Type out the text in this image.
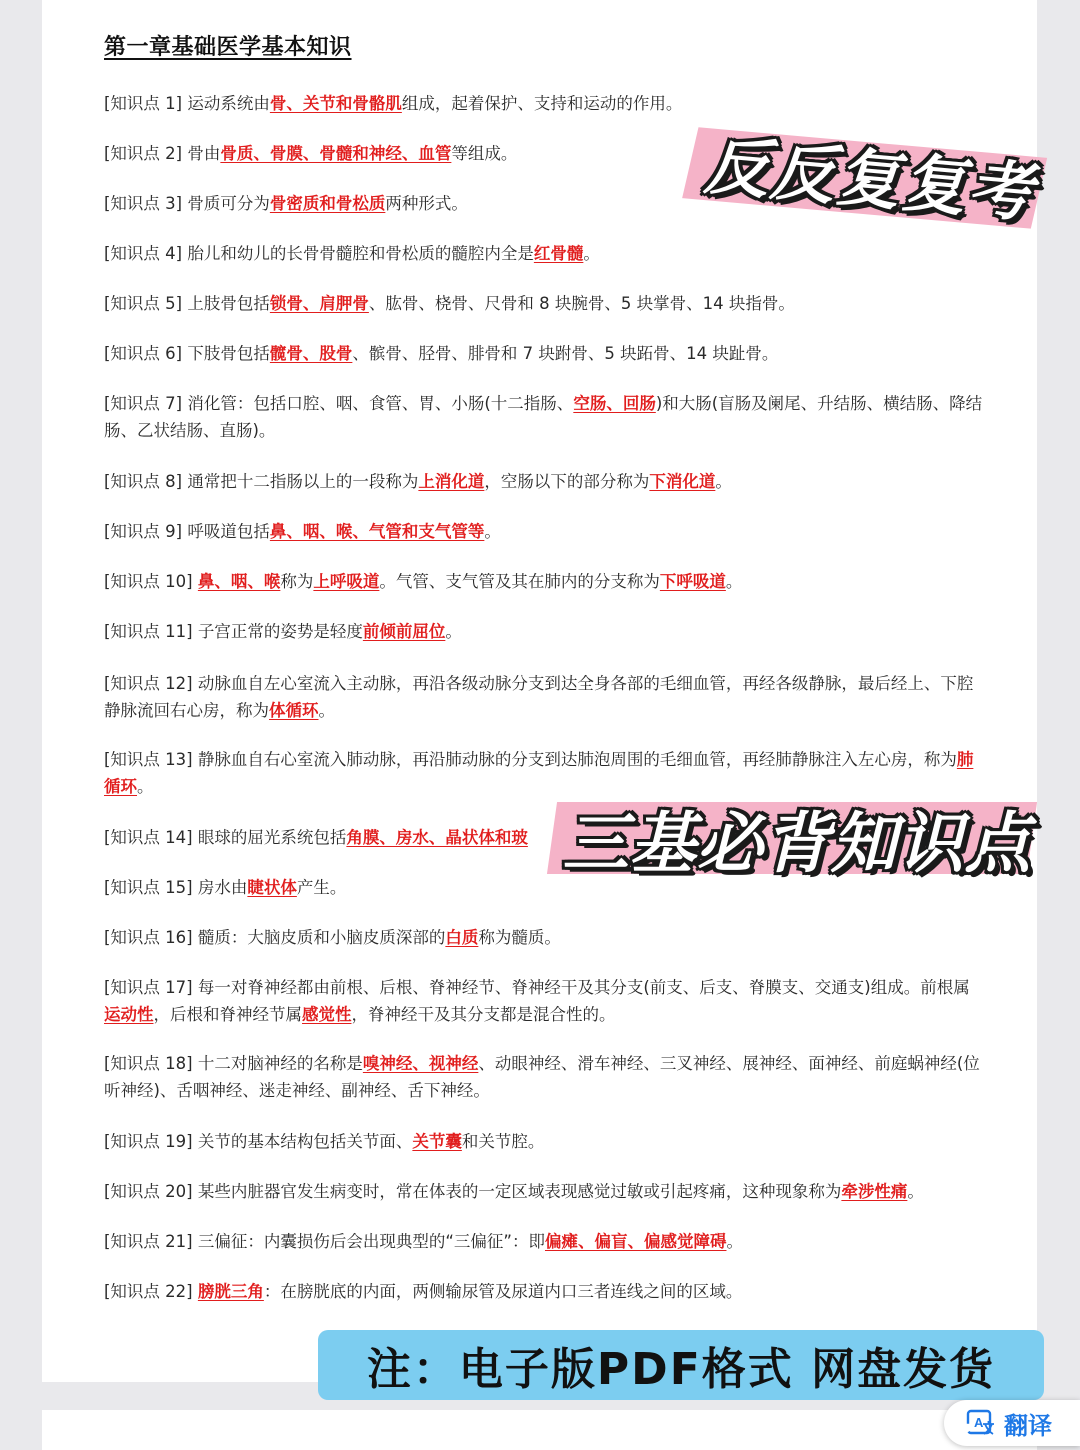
第一章基础医学基本知识
[知识点 1] 运动系统由骨、关节和骨骼肌组成，起着保护、支持和运动的作用。
[知识点 2] 骨由骨质、骨膜、骨髓和神经、血管等组成。
[知识点 3] 骨质可分为骨密质和骨松质两种形式。
[知识点 4] 胎儿和幼儿的长骨骨髓腔和骨松质的髓腔内全是红骨髓。
[知识点 5] 上肢骨包括锁骨、肩胛骨、肱骨、桡骨、尺骨和 8 块腕骨、5 块掌骨、14 块指骨。
[知识点 6] 下肢骨包括髋骨、股骨、髌骨、胫骨、腓骨和 7 块跗骨、5 块跖骨、14 块趾骨。
[知识点 7] 消化管：包括口腔、咽、食管、胃、小肠(十二指肠、空肠、回肠)和大肠(盲肠及阑尾、升结肠、横结肠、降结肠、乙状结肠、直肠)。
[知识点 8] 通常把十二指肠以上的一段称为上消化道，空肠以下的部分称为下消化道。
[知识点 9] 呼吸道包括鼻、咽、喉、气管和支气管等。
[知识点 10] 鼻、咽、喉称为上呼吸道。气管、支气管及其在肺内的分支称为下呼吸道。
[知识点 11] 子宫正常的姿势是轻度前倾前屈位。
[知识点 12] 动脉血自左心室流入主动脉，再沿各级动脉分支到达全身各部的毛细血管，再经各级静脉，最后经上、下腔静脉流回右心房，称为体循环。
[知识点 13] 静脉血自右心室流入肺动脉，再沿肺动脉的分支到达肺泡周围的毛细血管，再经肺静脉注入左心房，称为肺循环。
[知识点 14] 眼球的屈光系统包括角膜、房水、晶状体和玻
[知识点 15] 房水由睫状体产生。
[知识点 16] 髓质：大脑皮质和小脑皮质深部的白质称为髓质。
[知识点 17] 每一对脊神经都由前根、后根、脊神经节、脊神经干及其分支(前支、后支、脊膜支、交通支)组成。前根属运动性，后根和脊神经节属感觉性，脊神经干及其分支都是混合性的。
[知识点 18] 十二对脑神经的名称是嗅神经、视神经、动眼神经、滑车神经、三叉神经、展神经、面神经、前庭蜗神经(位听神经)、舌咽神经、迷走神经、副神经、舌下神经。
[知识点 19] 关节的基本结构包括关节面、关节囊和关节腔。
[知识点 20] 某些内脏器官发生病变时，常在体表的一定区域表现感觉过敏或引起疼痛，这种现象称为牵涉性痛。
[知识点 21] 三偏征：内囊损伤后会出现典型的“三偏征”：即偏瘫、偏盲、偏感觉障碍。
[知识点 22] 膀胱三角：在膀胱底的内面，两侧输尿管及尿道内口三者连线之间的区域。
反反复复考
三基必背知识点
注：电子版PDF格式 网盘发货
A 翻译
